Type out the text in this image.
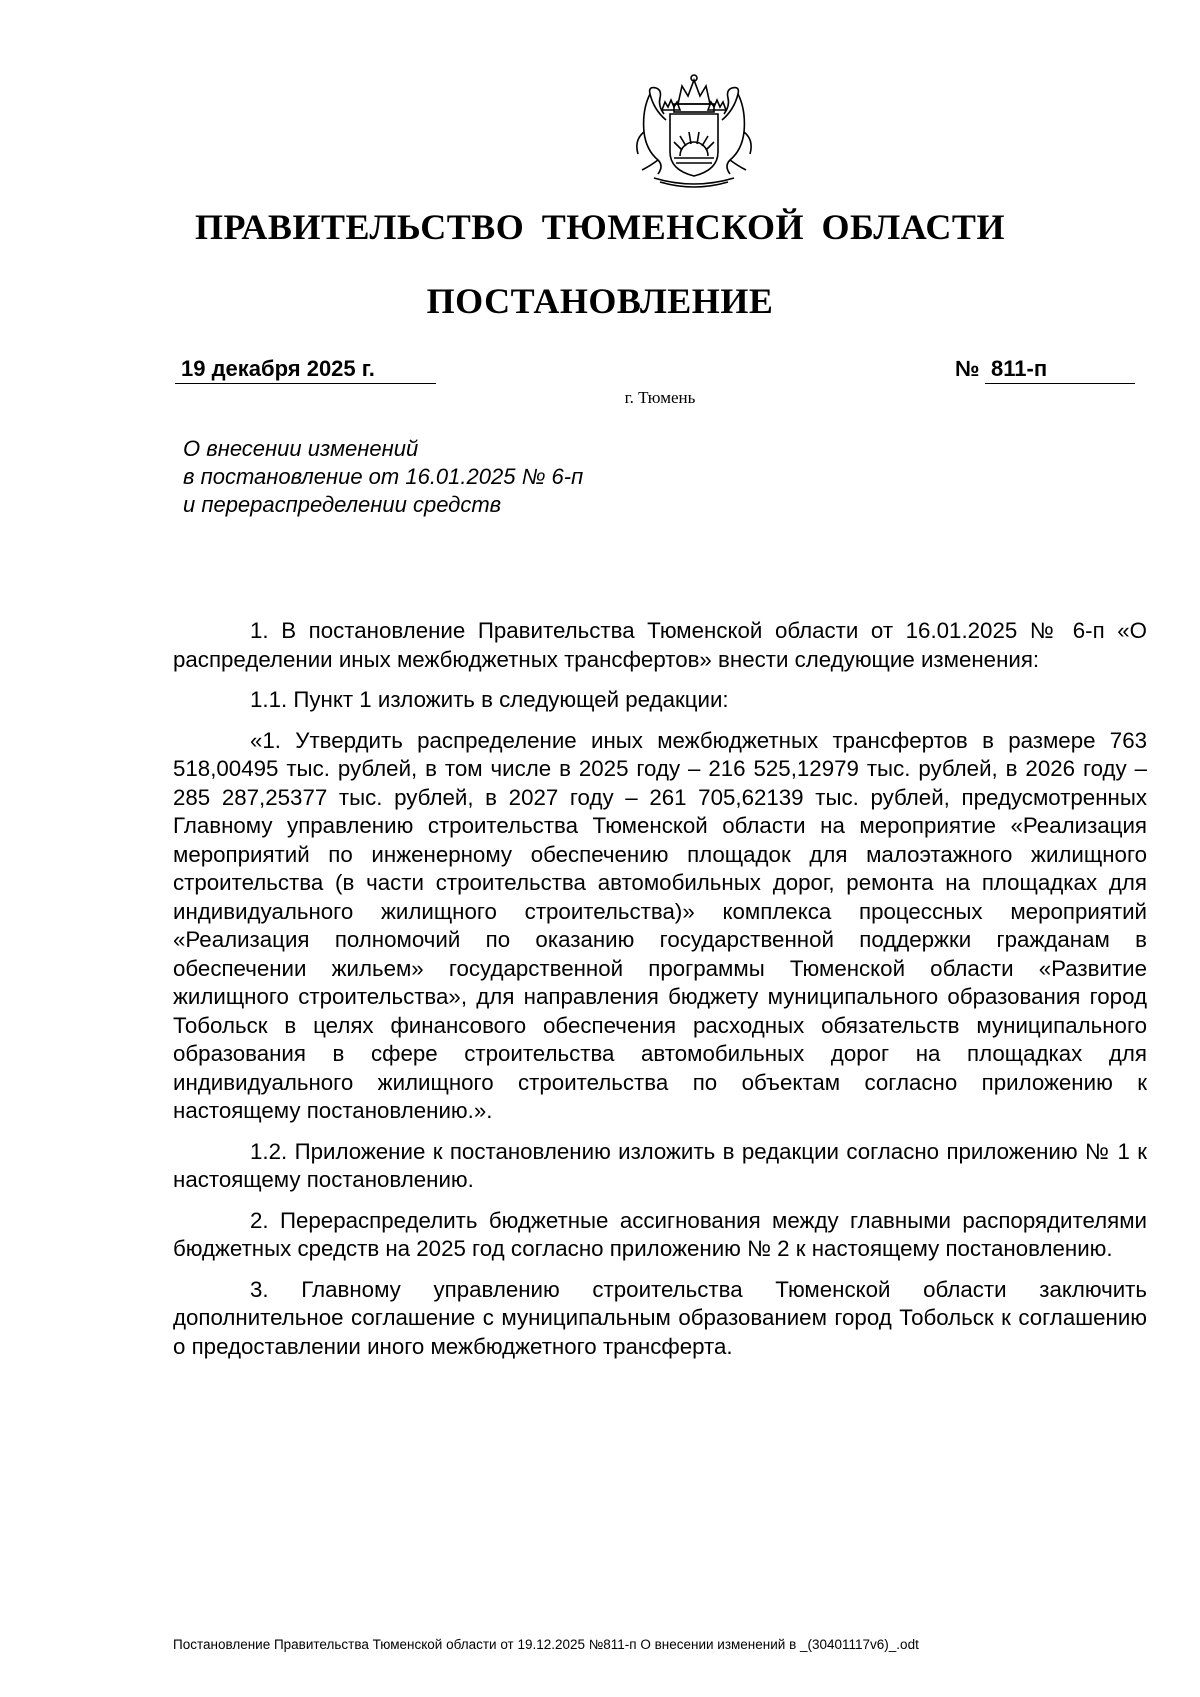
ПРАВИТЕЛЬСТВО ТЮМЕНСКОЙ ОБЛАСТИ
ПОСТАНОВЛЕНИЕ
19 декабря 2025 г.	№ 811-п
г. Тюмень
О внесении изменений
в постановление от 16.01.2025 № 6-п
и перераспределении средств

1. В постановление Правительства Тюменской области от 16.01.2025 № 6-п «О распределении иных межбюджетных трансфертов» внести следующие изменения:

1.1. Пункт 1 изложить в следующей редакции:

«1. Утвердить распределение иных межбюджетных трансфертов в размере 763 518,00495 тыс. рублей, в том числе в 2025 году – 216 525,12979 тыс. рублей, в 2026 году – 285 287,25377 тыс. рублей, в 2027 году – 261 705,62139 тыс. рублей, предусмотренных Главному управлению строительства Тюменской области на мероприятие «Реализация мероприятий по инженерному обеспечению площадок для малоэтажного жилищного строительства (в части строительства автомобильных дорог, ремонта на площадках для индивидуального жилищного строительства)» комплекса процессных мероприятий «Реализация полномочий по оказанию государственной поддержки гражданам в обеспечении жильем» государственной программы Тюменской области «Развитие жилищного строительства», для направления бюджету муниципального образования город Тобольск в целях финансового обеспечения расходных обязательств муниципального образования в сфере строительства автомобильных дорог на площадках для индивидуального жилищного строительства по объектам согласно приложению к настоящему постановлению.».

1.2. Приложение к постановлению изложить в редакции согласно приложению № 1 к настоящему постановлению.

2. Перераспределить бюджетные ассигнования между главными распорядителями бюджетных средств на 2025 год согласно приложению № 2 к настоящему постановлению.

3. Главному управлению строительства Тюменской области заключить дополнительное соглашение с муниципальным образованием город Тобольск к соглашению о предоставлении иного межбюджетного трансферта.

Постановление Правительства Тюменской области от 19.12.2025 №811-п О внесении изменений в _(30401117v6)_.odt
